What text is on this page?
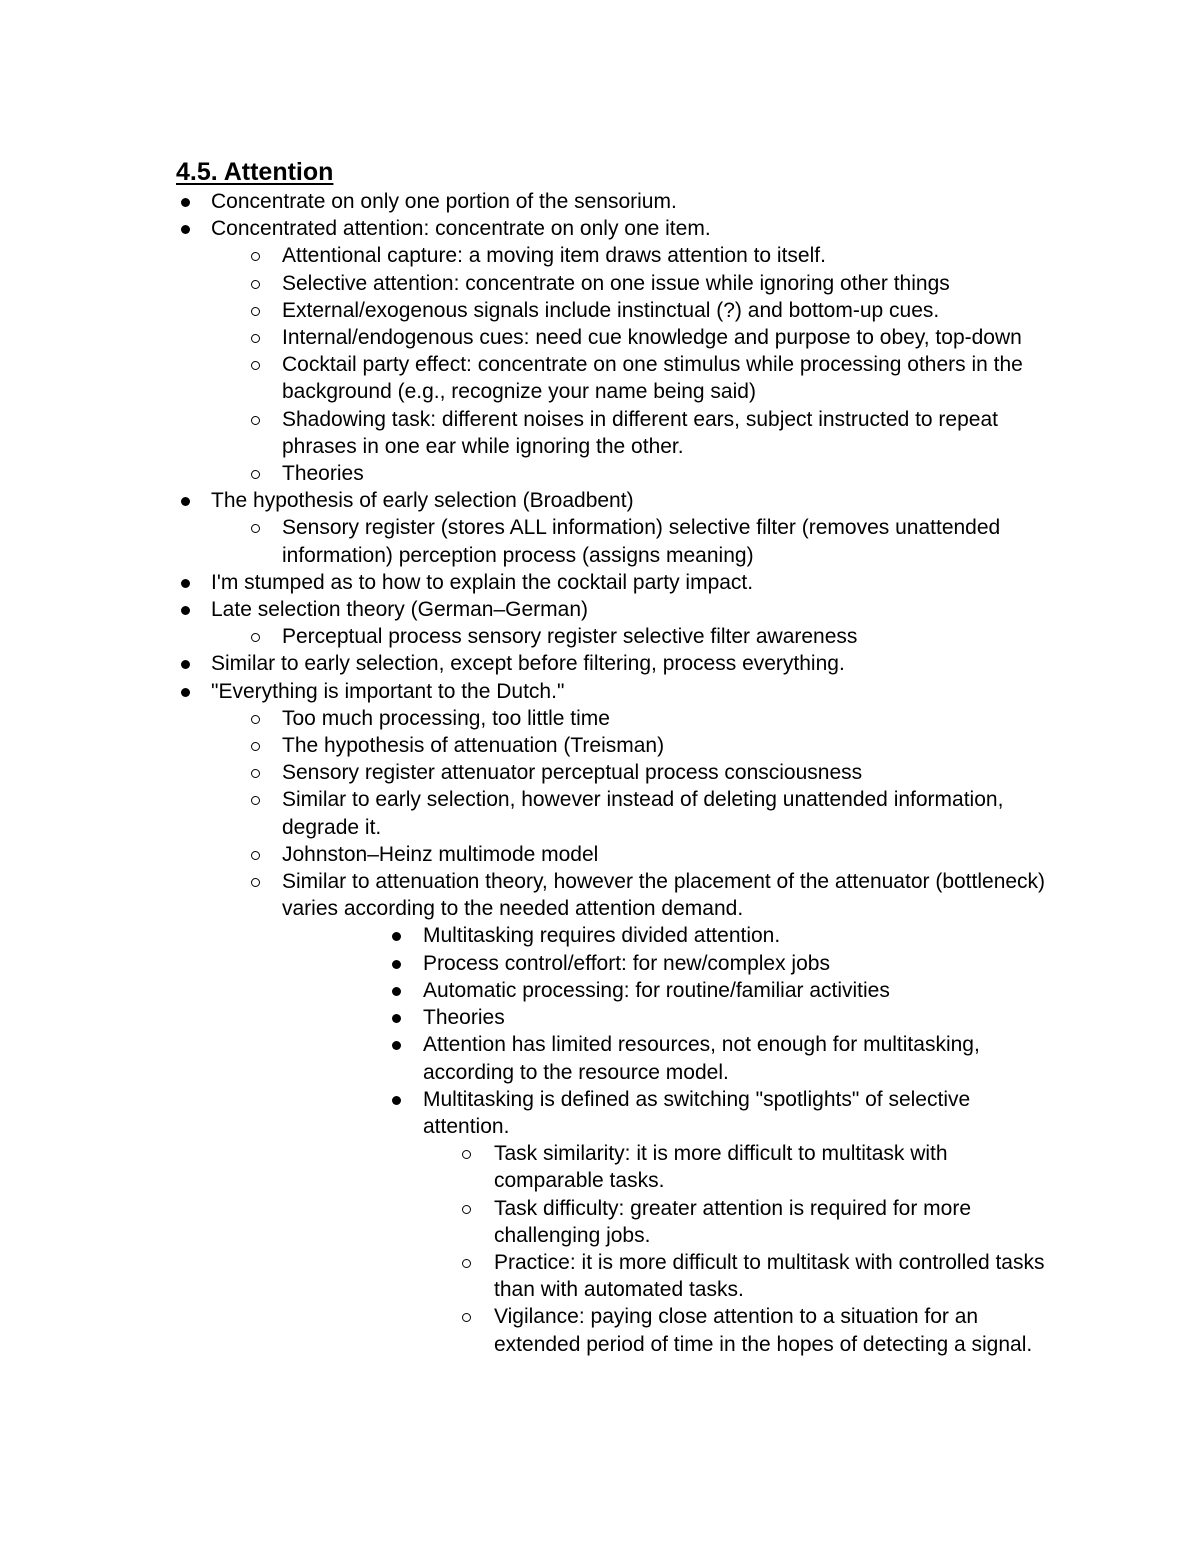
4.5. Attention
Concentrate on only one portion of the sensorium.
Concentrated attention: concentrate on only one item.
Attentional capture: a moving item draws attention to itself.
Selective attention: concentrate on one issue while ignoring other things
External/exogenous signals include instinctual (?) and bottom-up cues.
Internal/endogenous cues: need cue knowledge and purpose to obey, top-down
Cocktail party effect: concentrate on one stimulus while processing others in the background (e.g., recognize your name being said)
Shadowing task: different noises in different ears, subject instructed to repeat phrases in one ear while ignoring the other.
Theories
The hypothesis of early selection (Broadbent)
Sensory register (stores ALL information) selective filter (removes unattended information) perception process (assigns meaning)
I'm stumped as to how to explain the cocktail party impact.
Late selection theory (German–German)
Perceptual process sensory register selective filter awareness
Similar to early selection, except before filtering, process everything.
"Everything is important to the Dutch."
Too much processing, too little time
The hypothesis of attenuation (Treisman)
Sensory register attenuator perceptual process consciousness
Similar to early selection, however instead of deleting unattended information, degrade it.
Johnston–Heinz multimode model
Similar to attenuation theory, however the placement of the attenuator (bottleneck) varies according to the needed attention demand.
Multitasking requires divided attention.
Process control/effort: for new/complex jobs
Automatic processing: for routine/familiar activities
Theories
Attention has limited resources, not enough for multitasking, according to the resource model.
Multitasking is defined as switching "spotlights" of selective attention.
Task similarity: it is more difficult to multitask with comparable tasks.
Task difficulty: greater attention is required for more challenging jobs.
Practice: it is more difficult to multitask with controlled tasks than with automated tasks.
Vigilance: paying close attention to a situation for an extended period of time in the hopes of detecting a signal.
